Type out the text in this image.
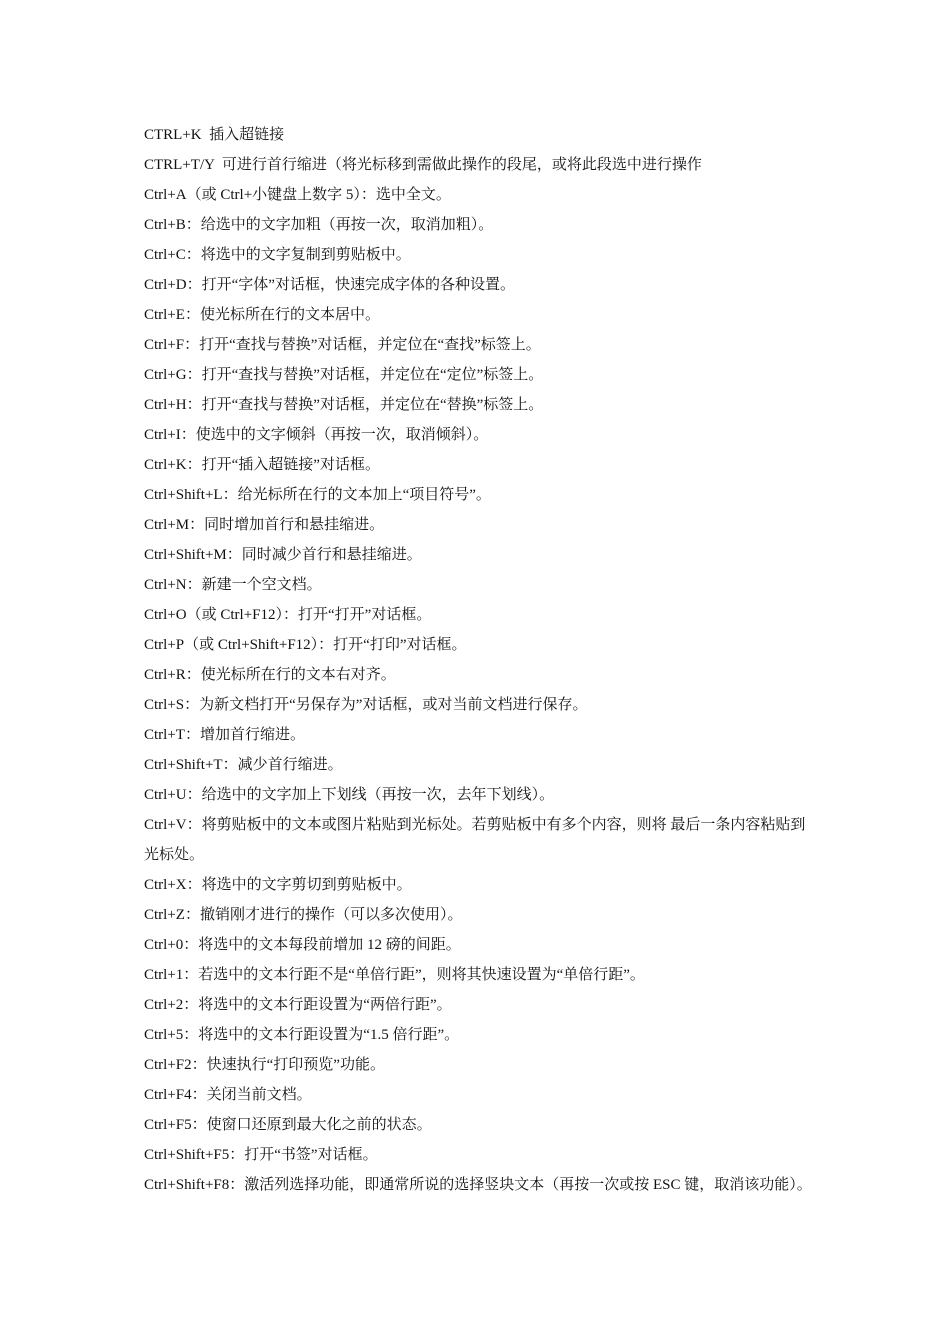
CTRL+K  插入超链接

CTRL+T/Y  可进行首行缩进（将光标移到需做此操作的段尾，或将此段选中进行操作

Ctrl+A（或 Ctrl+小键盘上数字 5）：选中全文。

Ctrl+B：给选中的文字加粗（再按一次，取消加粗）。

Ctrl+C：将选中的文字复制到剪贴板中。

Ctrl+D：打开“字体”对话框，快速完成字体的各种设置。

Ctrl+E：使光标所在行的文本居中。

Ctrl+F：打开“查找与替换”对话框，并定位在“查找”标签上。

Ctrl+G：打开“查找与替换”对话框，并定位在“定位”标签上。

Ctrl+H：打开“查找与替换”对话框，并定位在“替换”标签上。

Ctrl+I：使选中的文字倾斜（再按一次，取消倾斜）。

Ctrl+K：打开“插入超链接”对话框。

Ctrl+Shift+L：给光标所在行的文本加上“项目符号”。

Ctrl+M：同时增加首行和悬挂缩进。

Ctrl+Shift+M：同时减少首行和悬挂缩进。

Ctrl+N：新建一个空文档。

Ctrl+O（或 Ctrl+F12）：打开“打开”对话框。

Ctrl+P（或 Ctrl+Shift+F12）：打开“打印”对话框。

Ctrl+R：使光标所在行的文本右对齐。

Ctrl+S：为新文档打开“另保存为”对话框，或对当前文档进行保存。

Ctrl+T：增加首行缩进。

Ctrl+Shift+T：减少首行缩进。

Ctrl+U：给选中的文字加上下划线（再按一次，去年下划线）。

Ctrl+V：将剪贴板中的文本或图片粘贴到光标处。若剪贴板中有多个内容，则将 最后一条内容粘贴到光标处。

Ctrl+X：将选中的文字剪切到剪贴板中。

Ctrl+Z：撤销刚才进行的操作（可以多次使用）。

Ctrl+0：将选中的文本每段前增加 12 磅的间距。

Ctrl+1：若选中的文本行距不是“单倍行距”，则将其快速设置为“单倍行距”。

Ctrl+2：将选中的文本行距设置为“两倍行距”。

Ctrl+5：将选中的文本行距设置为“1.5 倍行距”。

Ctrl+F2：快速执行“打印预览”功能。

Ctrl+F4：关闭当前文档。

Ctrl+F5：使窗口还原到最大化之前的状态。

Ctrl+Shift+F5：打开“书签”对话框。

Ctrl+Shift+F8：激活列选择功能，即通常所说的选择竖块文本（再按一次或按 ESC 键，取消该功能）。
